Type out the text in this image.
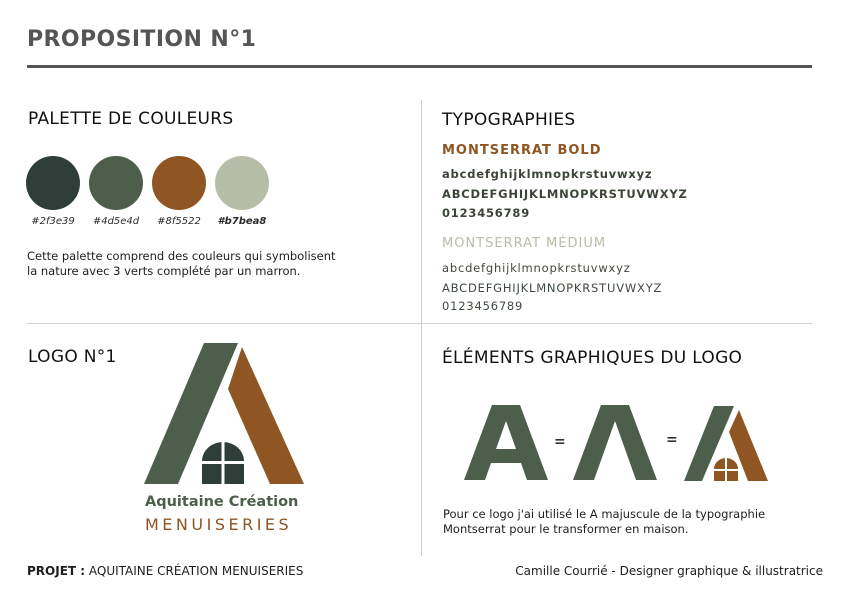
PROPOSITION N°1
PALETTE DE COULEURS
#2f3e39 #4d5e4d #8f5522 #b7bea8
Cette palette comprend des couleurs qui symbolisent
la nature avec 3 verts complété par un marron.
TYPOGRAPHIES
MONTSERRAT BOLD
abcdefghijklmnopkrstuvwxyz
ABCDEFGHIJKLMNOPKRSTUVWXYZ
0123456789
MONTSERRAT MÉDIUM
abcdefghijklmnopkrstuvwxyz
ABCDEFGHIJKLMNOPKRSTUVWXYZ
0123456789
LOGO N°1
Aquitaine Création
MENUISERIES
ÉLÉMENTS GRAPHIQUES DU LOGO
=	=
Pour ce logo j'ai utilisé le A majuscule de la typographie
Montserrat pour le transformer en maison.
PROJET : AQUITAINE CRÉATION MENUISERIES	Camille Courrié - Designer graphique & illustratrice
